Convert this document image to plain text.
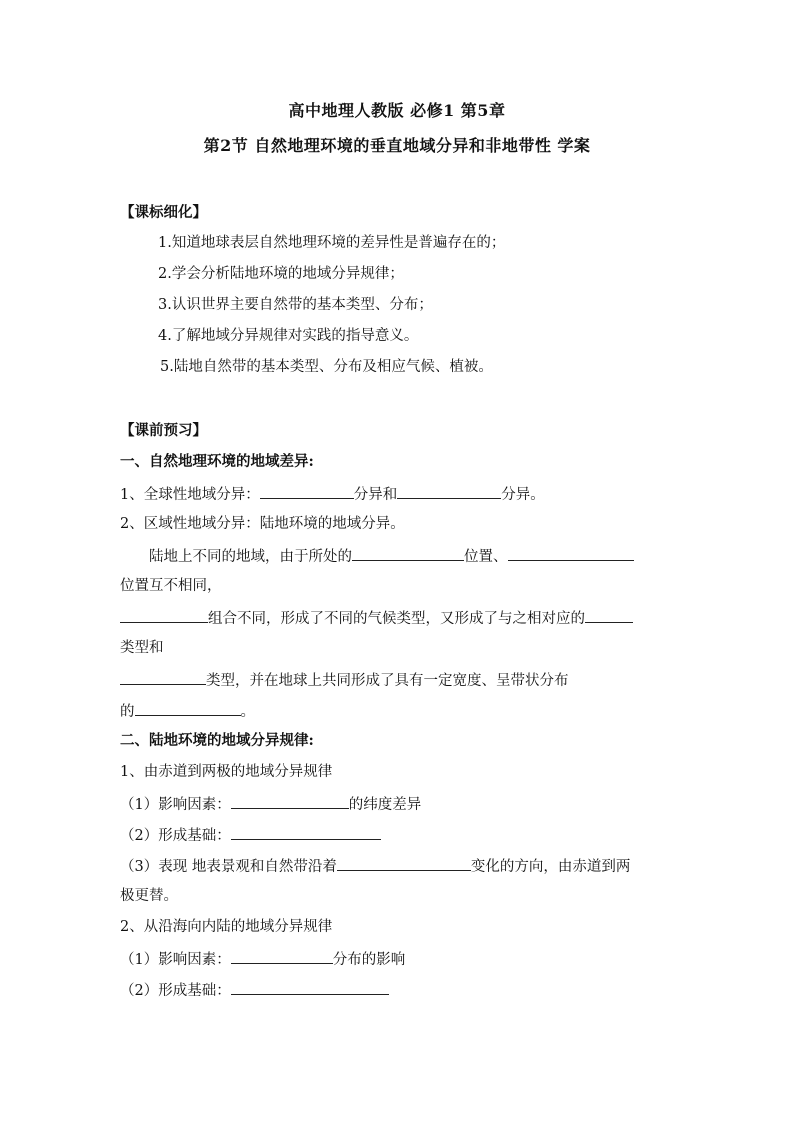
高中地理人教版 必修1 第5章
第2节 自然地理环境的垂直地域分异和非地带性 学案
【课标细化】
1.知道地球表层自然地理环境的差异性是普遍存在的；
2.学会分析陆地环境的地域分异规律；
3.认识世界主要自然带的基本类型、分布；
4.了解地域分异规律对实践的指导意义。
5.陆地自然带的基本类型、分布及相应气候、植被。
【课前预习】
一、自然地理环境的地域差异:
1、全球性地域分异：	分异和	分异。
2、区域性地域分异：陆地环境的地域分异。
陆地上不同的地域，由于所处的	位置、
位置互不相同，
组合不同，形成了不同的气候类型，又形成了与之相对应的
类型和
类型，并在地球上共同形成了具有一定宽度、呈带状分布
的	。
二、陆地环境的地域分异规律:
1、由赤道到两极的地域分异规律
（1）影响因素：	的纬度差异
（2）形成基础：
（3）表现 地表景观和自然带沿着	变化的方向，由赤道到两
极更替。
2、从沿海向内陆的地域分异规律
（1）影响因素：	分布的影响
（2）形成基础：
